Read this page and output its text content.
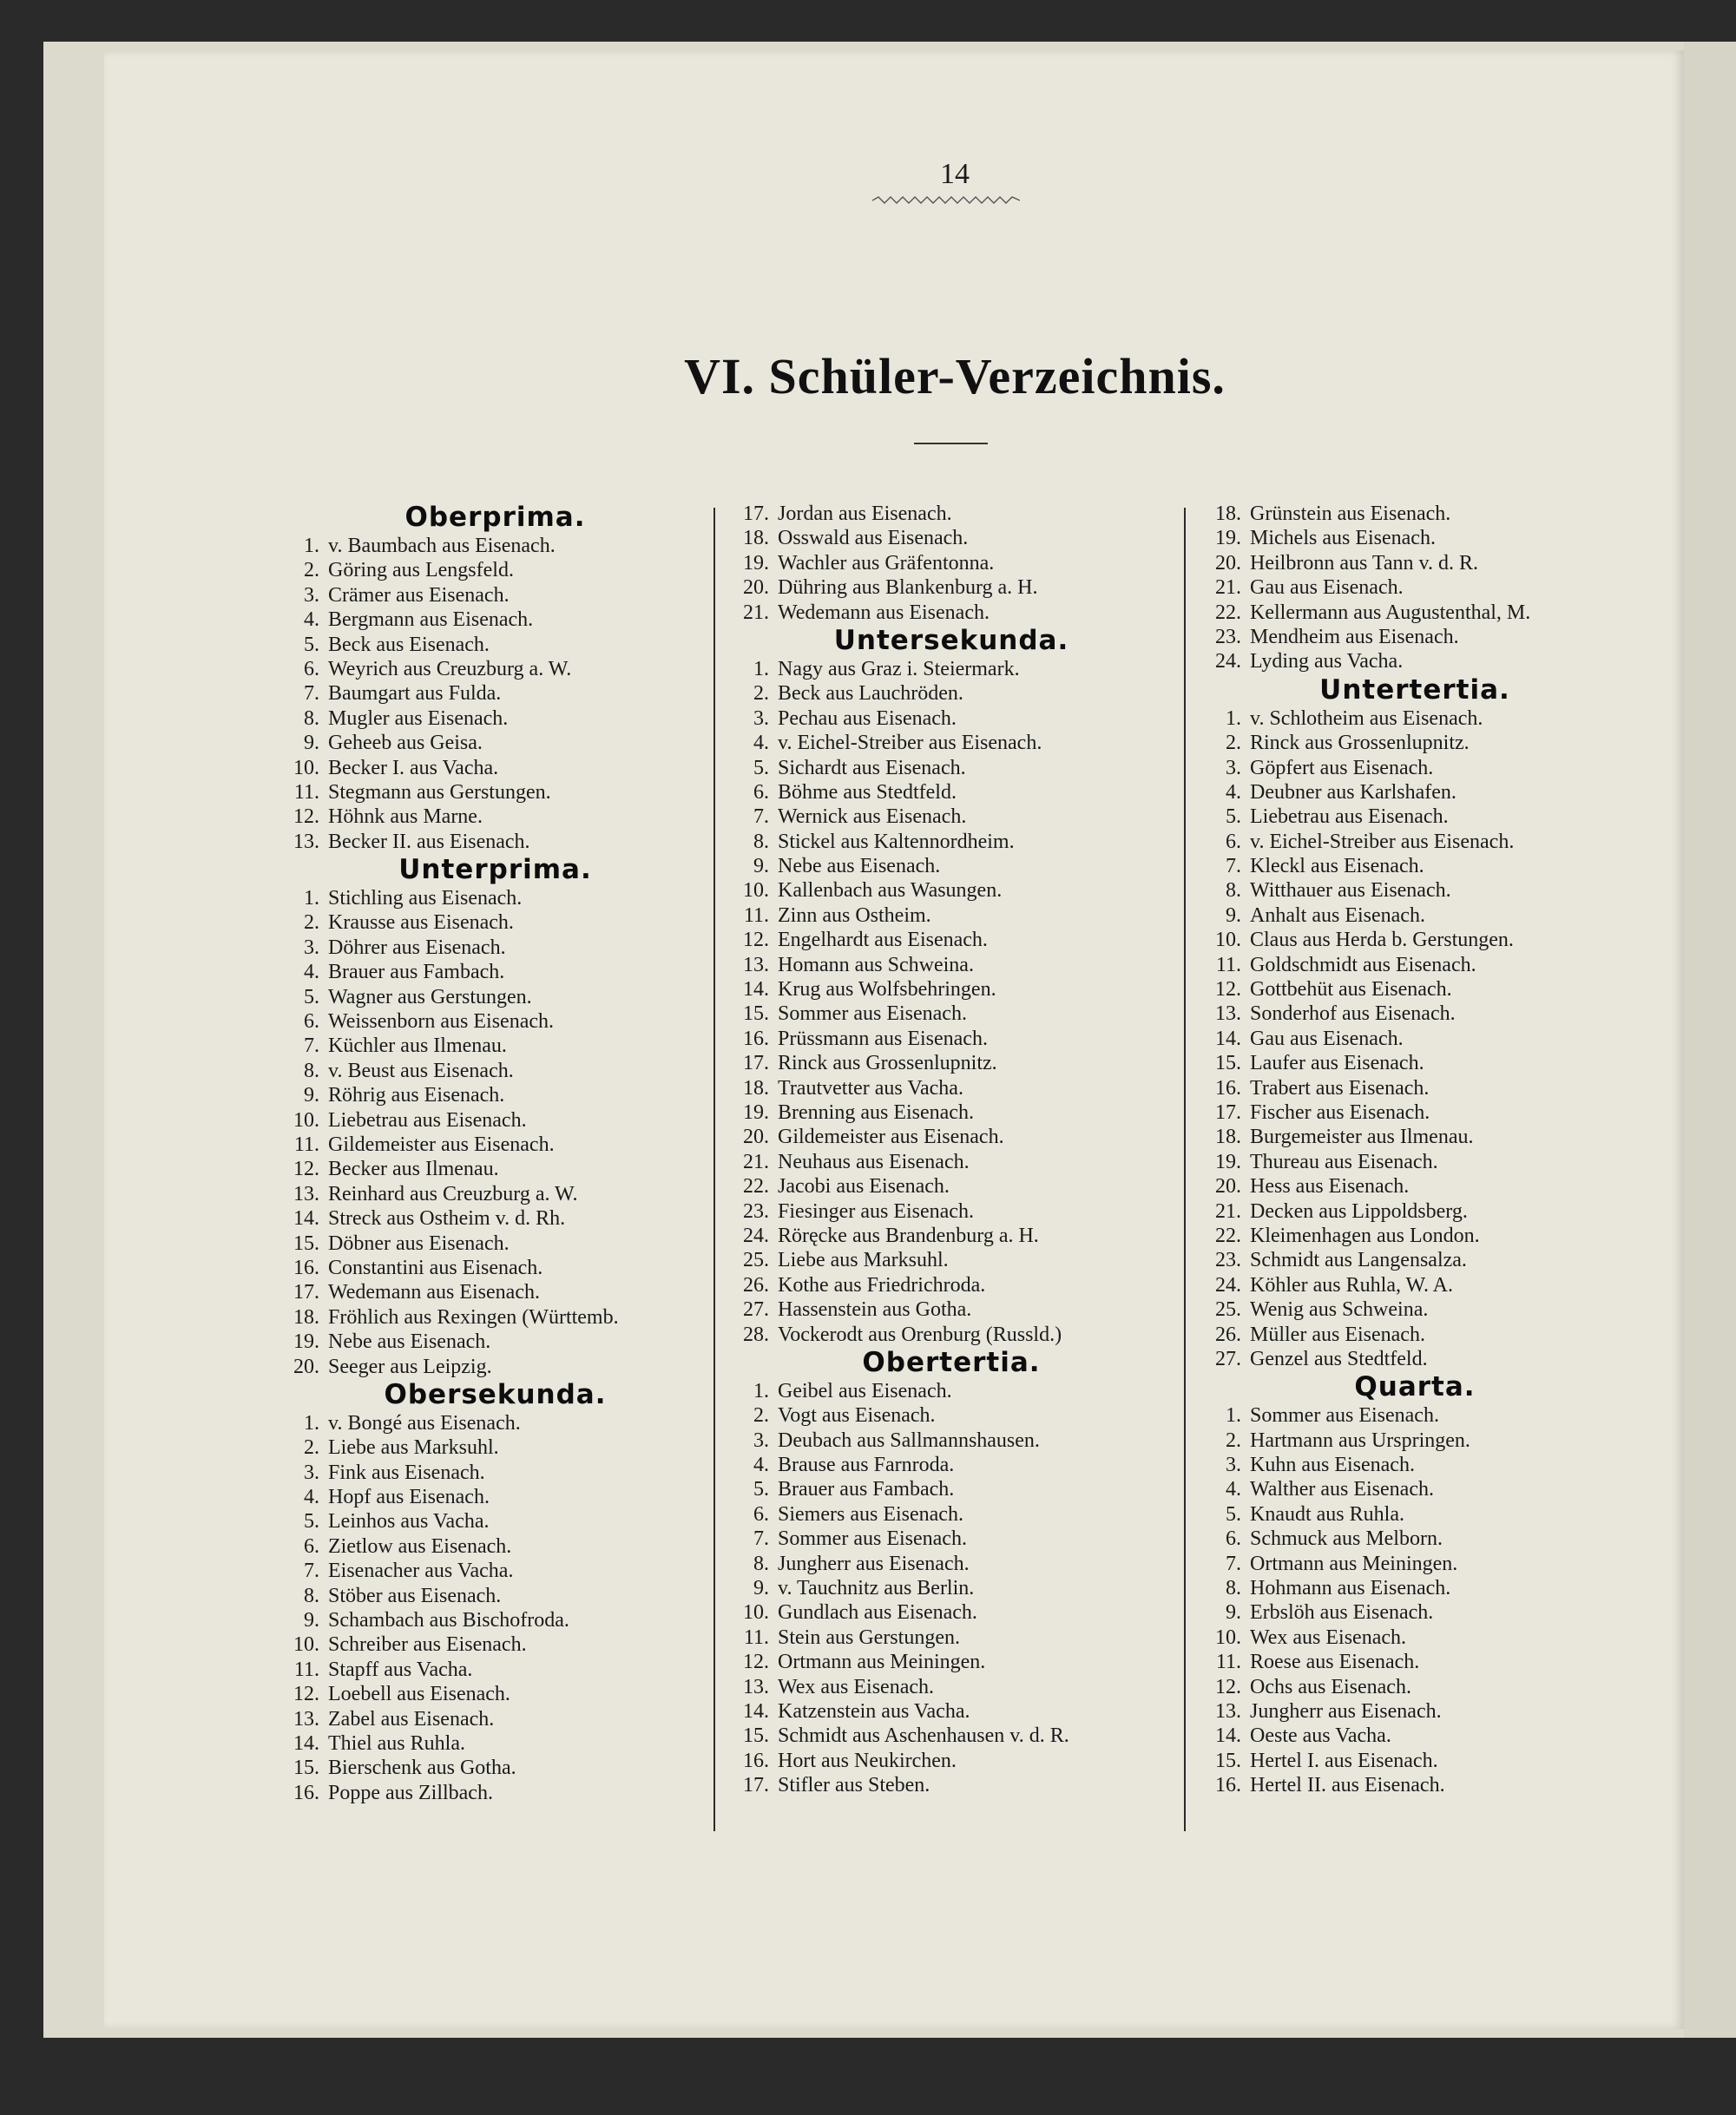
14
VI. Schüler-Verzeichnis.
Oberprima.
1. v. Baumbach aus Eisenach.
2. Göring aus Lengsfeld.
3. Crämer aus Eisenach.
4. Bergmann aus Eisenach.
5. Beck aus Eisenach.
6. Weyrich aus Creuzburg a. W.
7. Baumgart aus Fulda.
8. Mugler aus Eisenach.
9. Geheeb aus Geisa.
10. Becker I. aus Vacha.
11. Stegmann aus Gerstungen.
12. Höhnk aus Marne.
13. Becker II. aus Eisenach.
Unterprima.
1. Stichling aus Eisenach.
2. Krausse aus Eisenach.
3. Döhrer aus Eisenach.
4. Brauer aus Fambach.
5. Wagner aus Gerstungen.
6. Weissenborn aus Eisenach.
7. Küchler aus Ilmenau.
8. v. Beust aus Eisenach.
9. Röhrig aus Eisenach.
10. Liebetrau aus Eisenach.
11. Gildemeister aus Eisenach.
12. Becker aus Ilmenau.
13. Reinhard aus Creuzburg a. W.
14. Streck aus Ostheim v. d. Rh.
15. Döbner aus Eisenach.
16. Constantini aus Eisenach.
17. Wedemann aus Eisenach.
18. Fröhlich aus Rexingen (Württemb.
19. Nebe aus Eisenach.
20. Seeger aus Leipzig.
Obersekunda.
1. v. Bongé aus Eisenach.
2. Liebe aus Marksuhl.
3. Fink aus Eisenach.
4. Hopf aus Eisenach.
5. Leinhos aus Vacha.
6. Zietlow aus Eisenach.
7. Eisenacher aus Vacha.
8. Stöber aus Eisenach.
9. Schambach aus Bischofroda.
10. Schreiber aus Eisenach.
11. Stapff aus Vacha.
12. Loebell aus Eisenach.
13. Zabel aus Eisenach.
14. Thiel aus Ruhla.
15. Bierschenk aus Gotha.
16. Poppe aus Zillbach.
17. Jordan aus Eisenach.
18. Osswald aus Eisenach.
19. Wachler aus Gräfentonna.
20. Dühring aus Blankenburg a. H.
21. Wedemann aus Eisenach.
Untersekunda.
1. Nagy aus Graz i. Steiermark.
2. Beck aus Lauchröden.
3. Pechau aus Eisenach.
4. v. Eichel-Streiber aus Eisenach.
5. Sichardt aus Eisenach.
6. Böhme aus Stedtfeld.
7. Wernick aus Eisenach.
8. Stickel aus Kaltennordheim.
9. Nebe aus Eisenach.
10. Kallenbach aus Wasungen.
11. Zinn aus Ostheim.
12. Engelhardt aus Eisenach.
13. Homann aus Schweina.
14. Krug aus Wolfsbehringen.
15. Sommer aus Eisenach.
16. Prüssmann aus Eisenach.
17. Rinck aus Grossenlupnitz.
18. Trautvetter aus Vacha.
19. Brenning aus Eisenach.
20. Gildemeister aus Eisenach.
21. Neuhaus aus Eisenach.
22. Jacobi aus Eisenach.
23. Fiesinger aus Eisenach.
24. Röręcke aus Brandenburg a. H.
25. Liebe aus Marksuhl.
26. Kothe aus Friedrichroda.
27. Hassenstein aus Gotha.
28. Vockerodt aus Orenburg (Russld.)
Obertertia.
1. Geibel aus Eisenach.
2. Vogt aus Eisenach.
3. Deubach aus Sallmannshausen.
4. Brause aus Farnroda.
5. Brauer aus Fambach.
6. Siemers aus Eisenach.
7. Sommer aus Eisenach.
8. Jungherr aus Eisenach.
9. v. Tauchnitz aus Berlin.
10. Gundlach aus Eisenach.
11. Stein aus Gerstungen.
12. Ortmann aus Meiningen.
13. Wex aus Eisenach.
14. Katzenstein aus Vacha.
15. Schmidt aus Aschenhausen v. d. R.
16. Hort aus Neukirchen.
17. Stifler aus Steben.
18. Grünstein aus Eisenach.
19. Michels aus Eisenach.
20. Heilbronn aus Tann v. d. R.
21. Gau aus Eisenach.
22. Kellermann aus Augustenthal, M.
23. Mendheim aus Eisenach.
24. Lyding aus Vacha.
Untertertia.
1. v. Schlotheim aus Eisenach.
2. Rinck aus Grossenlupnitz.
3. Göpfert aus Eisenach.
4. Deubner aus Karlshafen.
5. Liebetrau aus Eisenach.
6. v. Eichel-Streiber aus Eisenach.
7. Kleckl aus Eisenach.
8. Witthauer aus Eisenach.
9. Anhalt aus Eisenach.
10. Claus aus Herda b. Gerstungen.
11. Goldschmidt aus Eisenach.
12. Gottbehüt aus Eisenach.
13. Sonderhof aus Eisenach.
14. Gau aus Eisenach.
15. Laufer aus Eisenach.
16. Trabert aus Eisenach.
17. Fischer aus Eisenach.
18. Burgemeister aus Ilmenau.
19. Thureau aus Eisenach.
20. Hess aus Eisenach.
21. Decken aus Lippoldsberg.
22. Kleimenhagen aus London.
23. Schmidt aus Langensalza.
24. Köhler aus Ruhla, W. A.
25. Wenig aus Schweina.
26. Müller aus Eisenach.
27. Genzel aus Stedtfeld.
Quarta.
1. Sommer aus Eisenach.
2. Hartmann aus Urspringen.
3. Kuhn aus Eisenach.
4. Walther aus Eisenach.
5. Knaudt aus Ruhla.
6. Schmuck aus Melborn.
7. Ortmann aus Meiningen.
8. Hohmann aus Eisenach.
9. Erbslöh aus Eisenach.
10. Wex aus Eisenach.
11. Roese aus Eisenach.
12. Ochs aus Eisenach.
13. Jungherr aus Eisenach.
14. Oeste aus Vacha.
15. Hertel I. aus Eisenach.
16. Hertel II. aus Eisenach.
